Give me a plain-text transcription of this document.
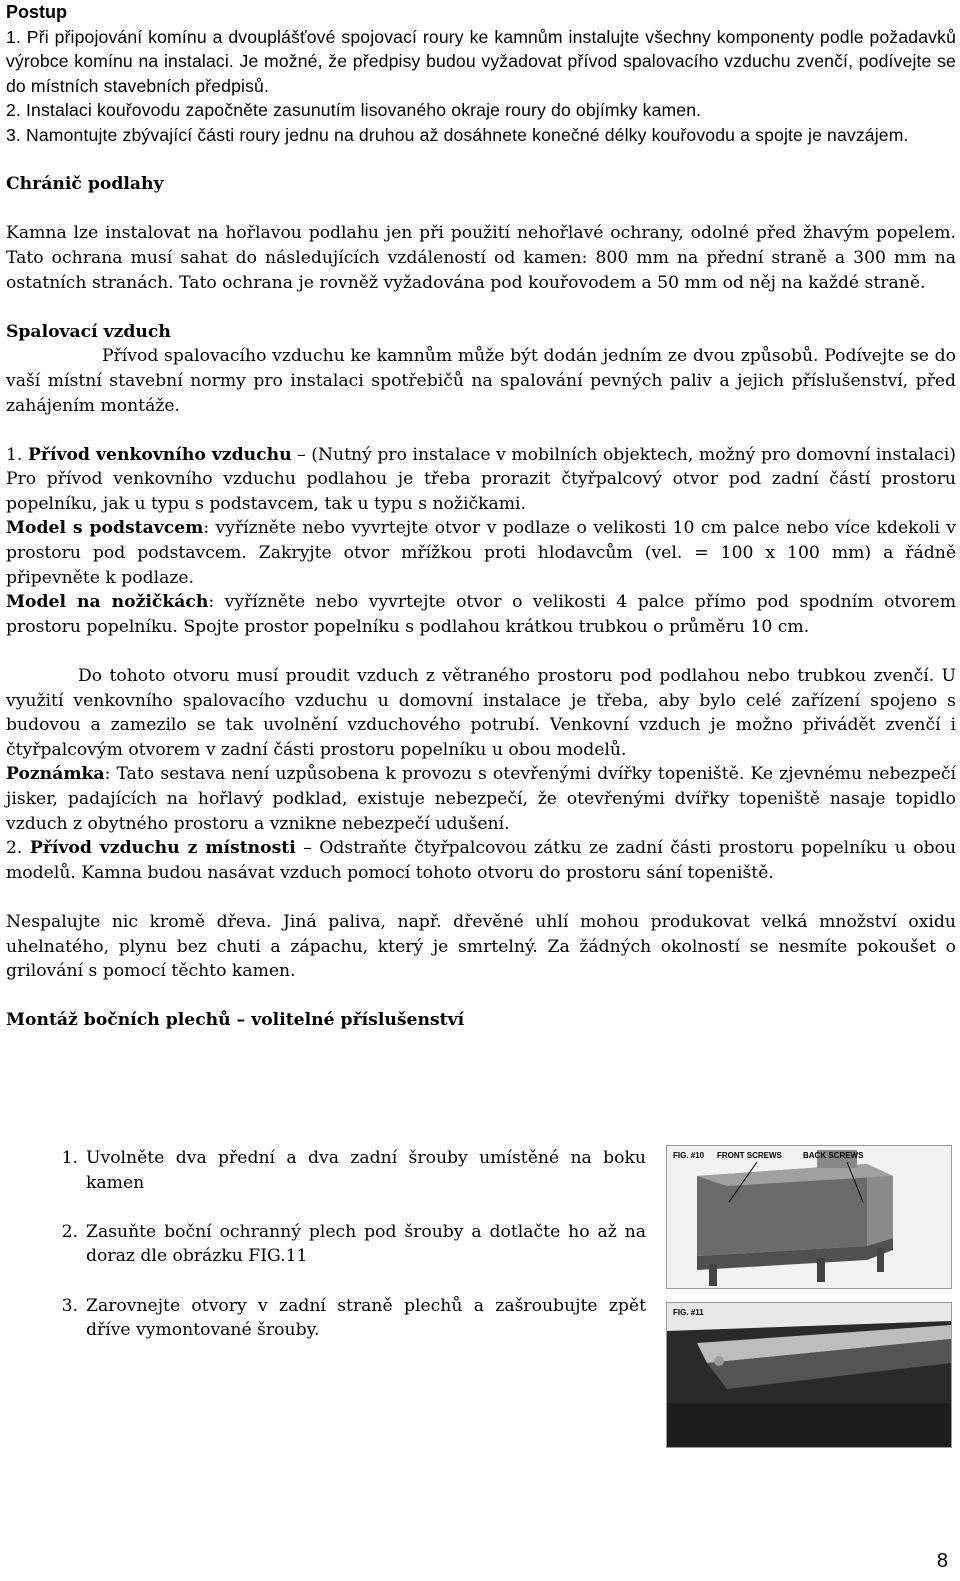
Postup

1. Při připojování komínu a dvouplášťové spojovací roury ke kamnům instalujte všechny komponenty podle požadavků výrobce komínu na instalaci. Je možné, že předpisy budou vyžadovat přívod spalovacího vzduchu zvenčí, podívejte se do místních stavebních předpisů.

2. Instalaci kouřovodu započněte zasunutím lisovaného okraje roury do objímky kamen.

3. Namontujte zbývající části roury jednu na druhou až dosáhnete konečné délky kouřovodu a spojte je navzájem.

Chránič podlahy

Kamna lze instalovat na hořlavou podlahu jen při použití nehořlavé ochrany, odolné před žhavým popelem. Tato ochrana musí sahat do následujících vzdáleností od kamen: 800 mm na přední straně a 300 mm na ostatních stranách. Tato ochrana je rovněž vyžadována pod kouřovodem a 50 mm od něj na každé straně.

Spalovací vzduch

Přívod spalovacího vzduchu ke kamnům může být dodán jedním ze dvou způsobů. Podívejte se do vaší místní stavební normy pro instalaci spotřebičů na spalování pevných paliv a jejich příslušenství, před zahájením montáže.

1. Přívod venkovního vzduchu – (Nutný pro instalace v mobilních objektech, možný pro domovní instalaci) Pro přívod venkovního vzduchu podlahou je třeba prorazit čtyřpalcový otvor pod zadní částí prostoru popelníku, jak u typu s podstavcem, tak u typu s nožičkami.

Model s podstavcem: vyřízněte nebo vyvrtejte otvor v podlaze o velikosti 10 cm palce nebo více kdekoli v prostoru pod podstavcem. Zakryjte otvor mřížkou proti hlodavcům (vel. = 100 x 100 mm) a řádně připevněte k podlaze.

Model na nožičkách: vyřízněte nebo vyvrtejte otvor o velikosti 4 palce přímo pod spodním otvorem prostoru popelníku. Spojte prostor popelníku s podlahou krátkou trubkou o průměru 10 cm.

Do tohoto otvoru musí proudit vzduch z větraného prostoru pod podlahou nebo trubkou zvenčí. U využití venkovního spalovacího vzduchu u domovní instalace je třeba, aby bylo celé zařízení spojeno s budovou a zamezilo se tak uvolnění vzduchového potrubí. Venkovní vzduch je možno přivádět zvenčí i čtyřpalcovým otvorem v zadní části prostoru popelníku u obou modelů.

Poznámka: Tato sestava není uzpůsobena k provozu s otevřenými dvířky topeniště. Ke zjevnému nebezpečí jisker, padajících na hořlavý podklad, existuje nebezpečí, že otevřenými dvířky topeniště nasaje topidlo vzduch z obytného prostoru a vznikne nebezpečí udušení.

2. Přívod vzduchu z místnosti – Odstraňte čtyřpalcovou zátku ze zadní části prostoru popelníku u obou modelů. Kamna budou nasávat vzduch pomocí tohoto otvoru do prostoru sání topeniště.

Nespalujte nic kromě dřeva. Jiná paliva, např. dřevěné uhlí mohou produkovat velká množství oxidu uhelnatého, plynu bez chuti a zápachu, který je smrtelný. Za žádných okolností se nesmíte pokoušet o grilování s pomocí těchto kamen.

Montáž bočních plechů – volitelné příslušenství

1. Uvolněte dva přední a dva zadní šrouby umístěné na boku kamen
2. Zasuňte boční ochranný plech pod šrouby a dotlačte ho až na doraz dle obrázku FIG.11
3. Zarovnejte otvory v zadní straně plechů a zašroubujte zpět dříve vymontované šrouby.
FIG. #10 FRONT SCREWS	BACK SCREWS
FIG. #11
8
